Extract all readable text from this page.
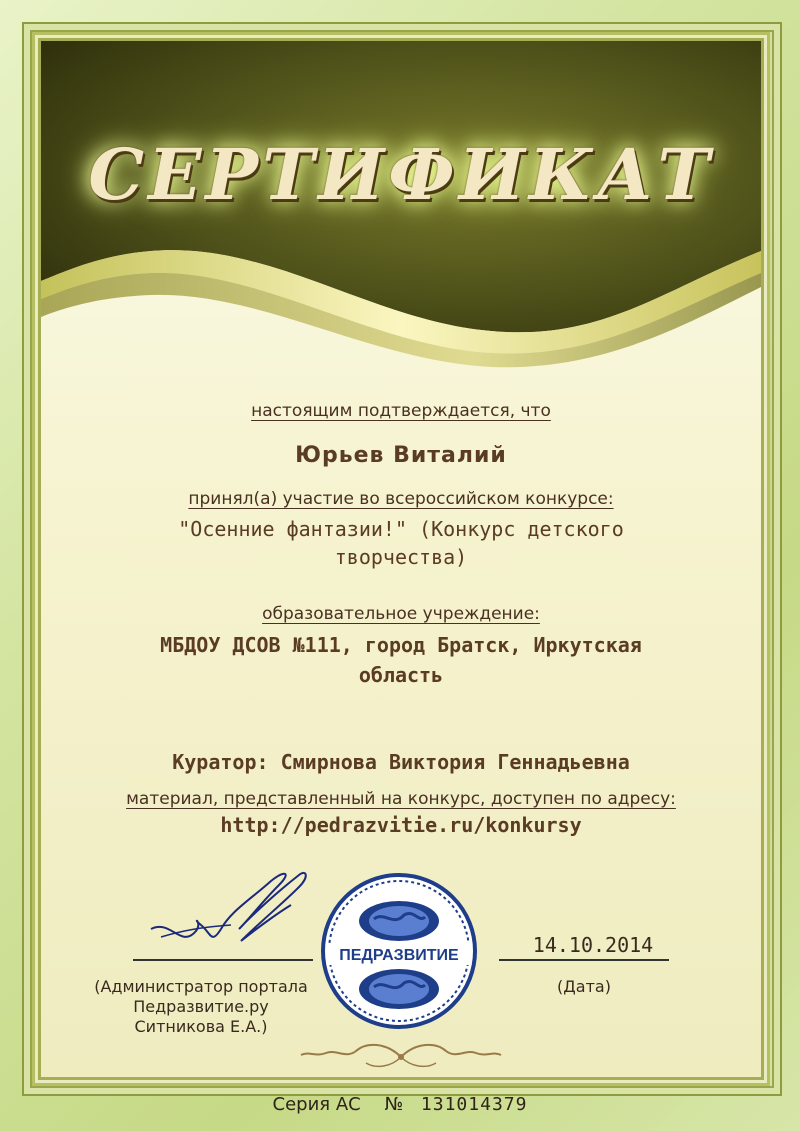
СЕРТИФИКАТ
настоящим подтверждается, что
Юрьев Виталий
принял(а) участие во всероссийском конкурсе:
"Осенние фантазии!" (Конкурс детского
творчества)
образовательное учреждение:
МБДОУ ДСОВ №111, город Братск, Иркутская
область
Куратор: Смирнова Виктория Геннадьевна
материал, представленный на конкурс, доступен по адресу:
http://pedrazvitie.ru/konkursy
(Администратор портала
Педразвитие.ру
Ситникова Е.А.)
ПЕДРАЗВИТИЕ	14.10.2014
(Дата)
Серия АС № 131014379
